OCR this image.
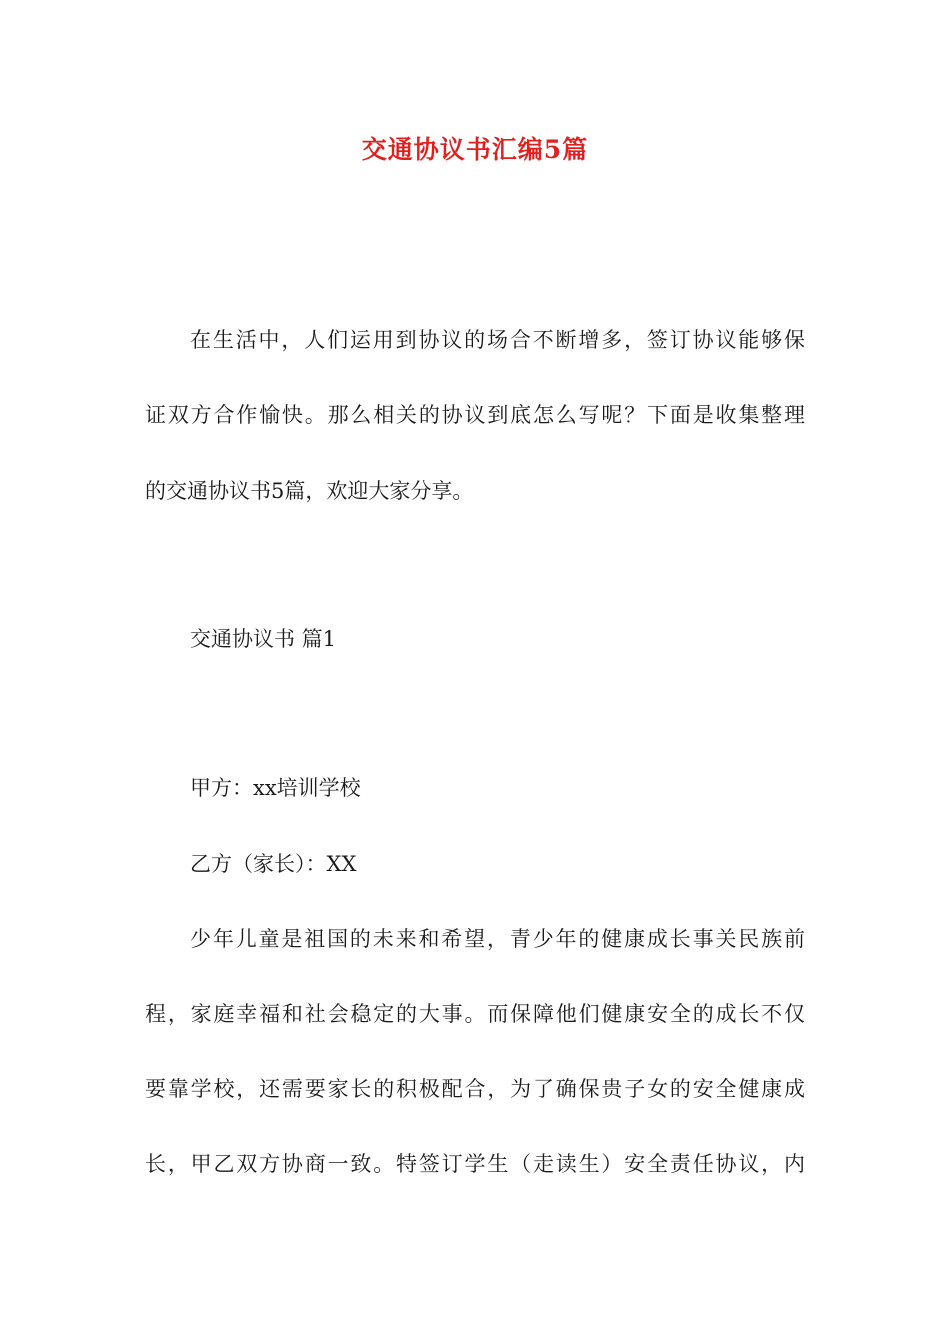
交通协议书汇编5篇
在生活中，人们运用到协议的场合不断增多，签订协议能够保
证双方合作愉快。那么相关的协议到底怎么写呢？下面是收集整理
的交通协议书5篇，欢迎大家分享。
交通协议书 篇1
甲方：xx培训学校
乙方（家长）：XX
少年儿童是祖国的未来和希望，青少年的健康成长事关民族前
程，家庭幸福和社会稳定的大事。而保障他们健康安全的成长不仅
要靠学校，还需要家长的积极配合，为了确保贵子女的安全健康成
长，甲乙双方协商一致。特签订学生（走读生）安全责任协议，内
